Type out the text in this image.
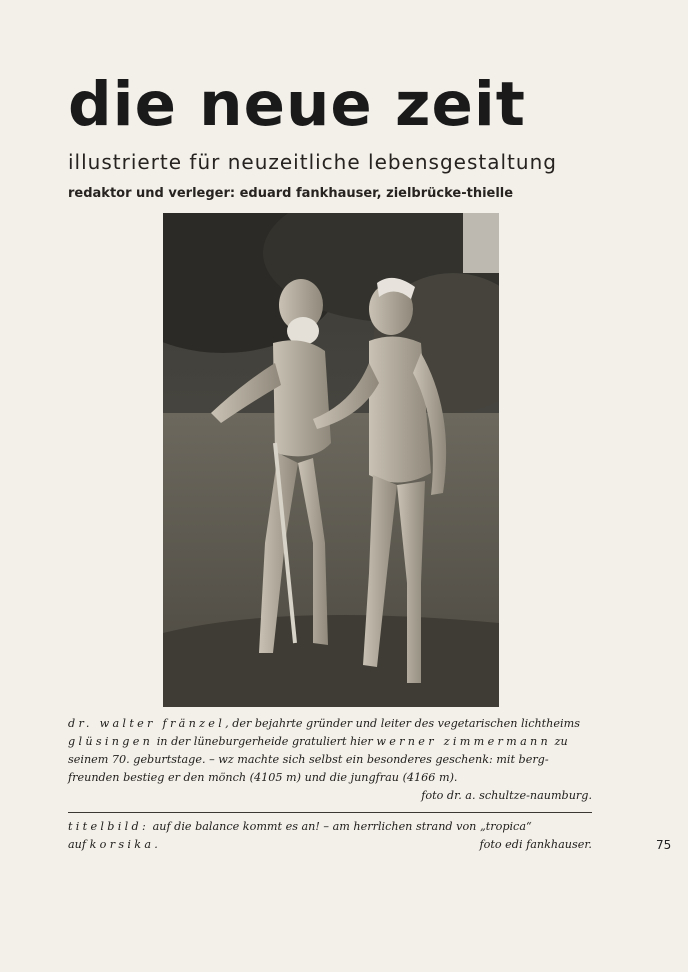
die neue zeit
illustrierte für neuzeitliche lebensgestaltung
redaktor und verleger: eduard fankhauser, zielbrücke-thielle

dr. walter fränzel, der bejahrte gründer und leiter des vegetarischen lichtheims

glüsingen in der lüneburgerheide gratuliert hier werner zimmermann zu

seinem 70. geburtstage. – wz machte sich selbst ein besonderes geschenk: mit berg-

freunden bestieg er den mönch (4105 m) und die jungfrau (4166 m).

foto dr. a. schultze-naumburg.

titelbild: auf die balance kommt es an! – am herrlichen strand von „tropica“

auf korsika.	foto edi fankhauser.	75
